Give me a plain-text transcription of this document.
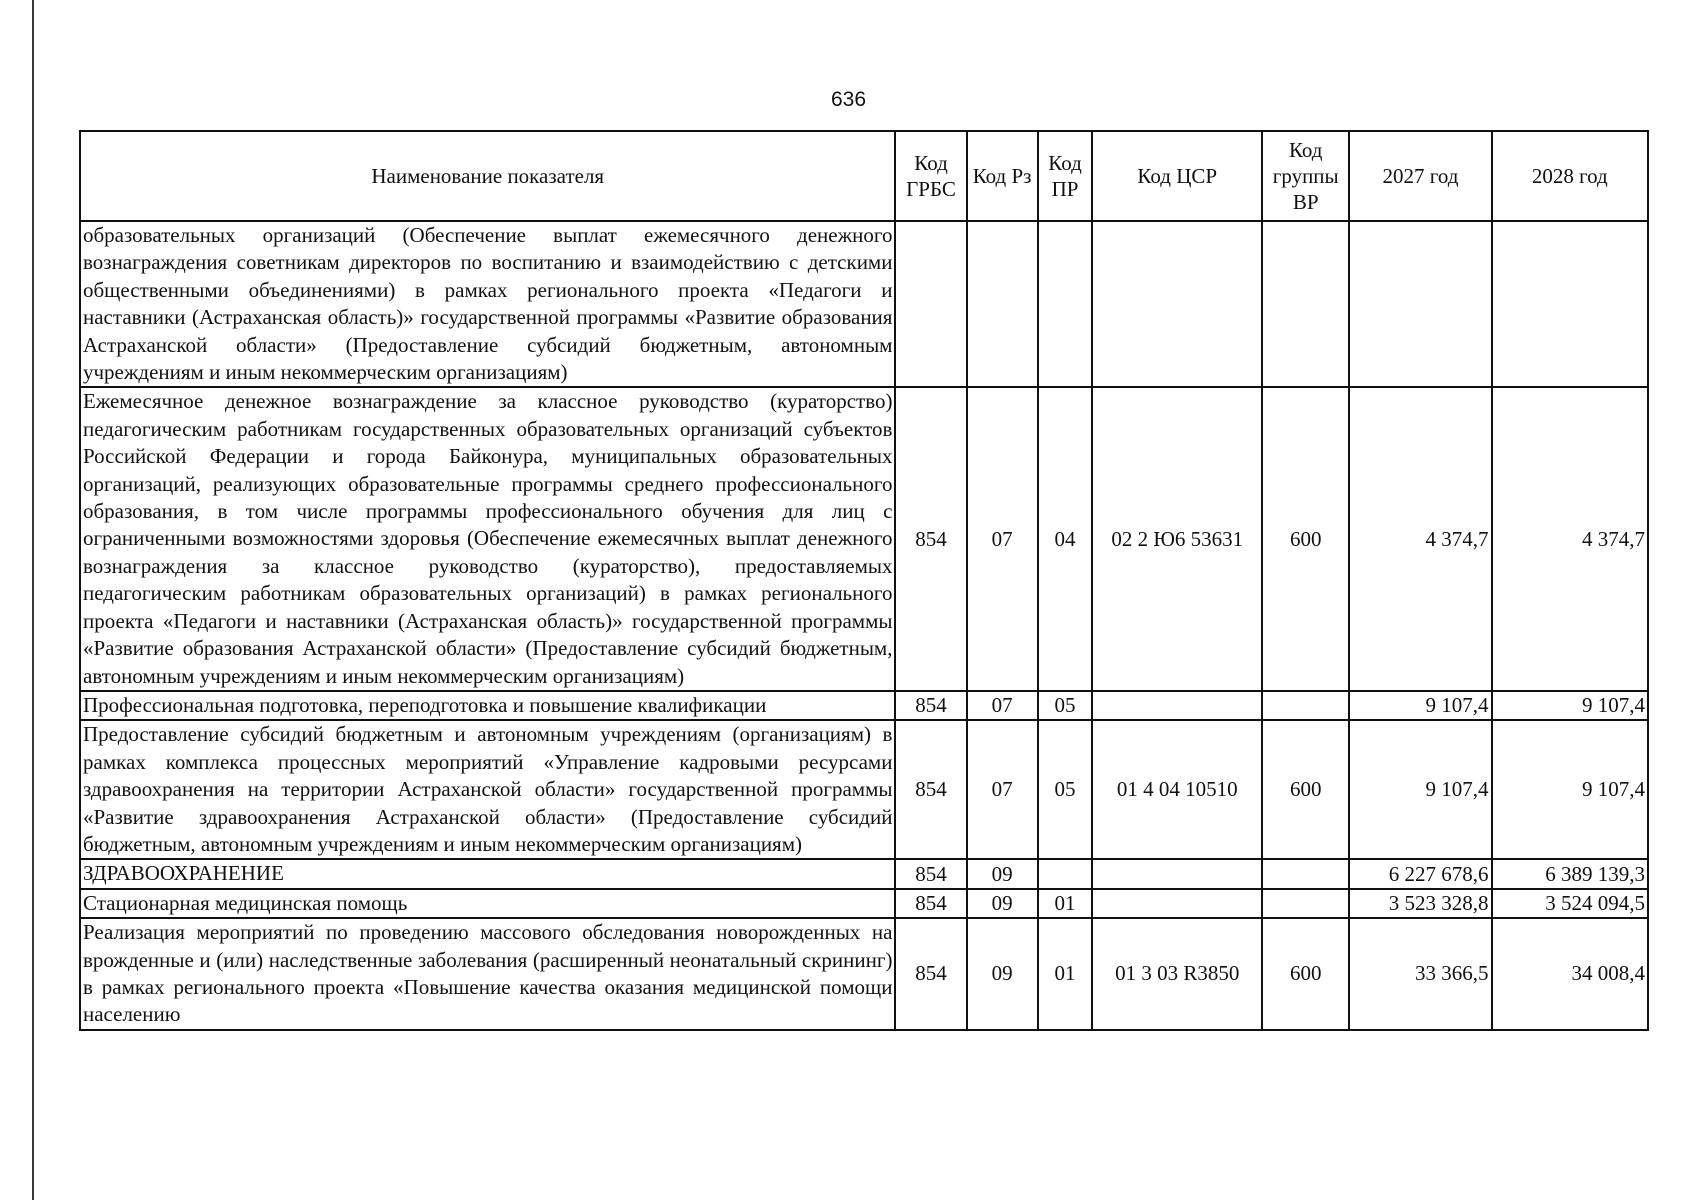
636
Наименование показателя	Код ГРБС	Код Рз	Код ПР	Код ЦСР	Код группы ВР	2027 год	2028 год
образовательных организаций (Обеспечение выплат ежемесячного денежного вознаграждения советникам директоров по воспитанию и взаимодействию с детскими общественными объединениями) в рамках регионального проекта «Педагоги и наставники (Астраханская область)» государственной программы «Развитие образования Астраханской области» (Предоставление субсидий бюджетным, автономным учреждениям и иным некоммерческим организациям)							
Ежемесячное денежное вознаграждение за классное руководство (кураторство) педагогическим работникам государственных образовательных организаций субъектов Российской Федерации и города Байконура, муниципальных образовательных организаций, реализующих образовательные программы среднего профессионального образования, в том числе программы профессионального обучения для лиц с ограниченными возможностями здоровья (Обеспечение ежемесячных выплат денежного вознаграждения за классное руководство (кураторство), предоставляемых педагогическим работникам образовательных организаций) в рамках регионального проекта «Педагоги и наставники (Астраханская область)» государственной программы «Развитие образования Астраханской области» (Предоставление субсидий бюджетным, автономным учреждениям и иным некоммерческим организациям)	854	07	04	02 2 Ю6 53631	600	4 374,7	4 374,7
Профессиональная подготовка, переподготовка и повышение квалификации	854	07	05			9 107,4	9 107,4
Предоставление субсидий бюджетным и автономным учреждениям (организациям) в рамках комплекса процессных мероприятий «Управление кадровыми ресурсами здравоохранения на территории Астраханской области» государственной программы «Развитие здравоохранения Астраханской области» (Предоставление субсидий бюджетным, автономным учреждениям и иным некоммерческим организациям)	854	07	05	01 4 04 10510	600	9 107,4	9 107,4
ЗДРАВООХРАНЕНИЕ	854	09				6 227 678,6	6 389 139,3
Стационарная медицинская помощь	854	09	01			3 523 328,8	3 524 094,5
Реализация мероприятий по проведению массового обследования новорожденных на врожденные и (или) наследственные заболевания (расширенный неонатальный скрининг) в рамках регионального проекта «Повышение качества оказания медицинской помощи населению	854	09	01	01 3 03 R3850	600	33 366,5	34 008,4
